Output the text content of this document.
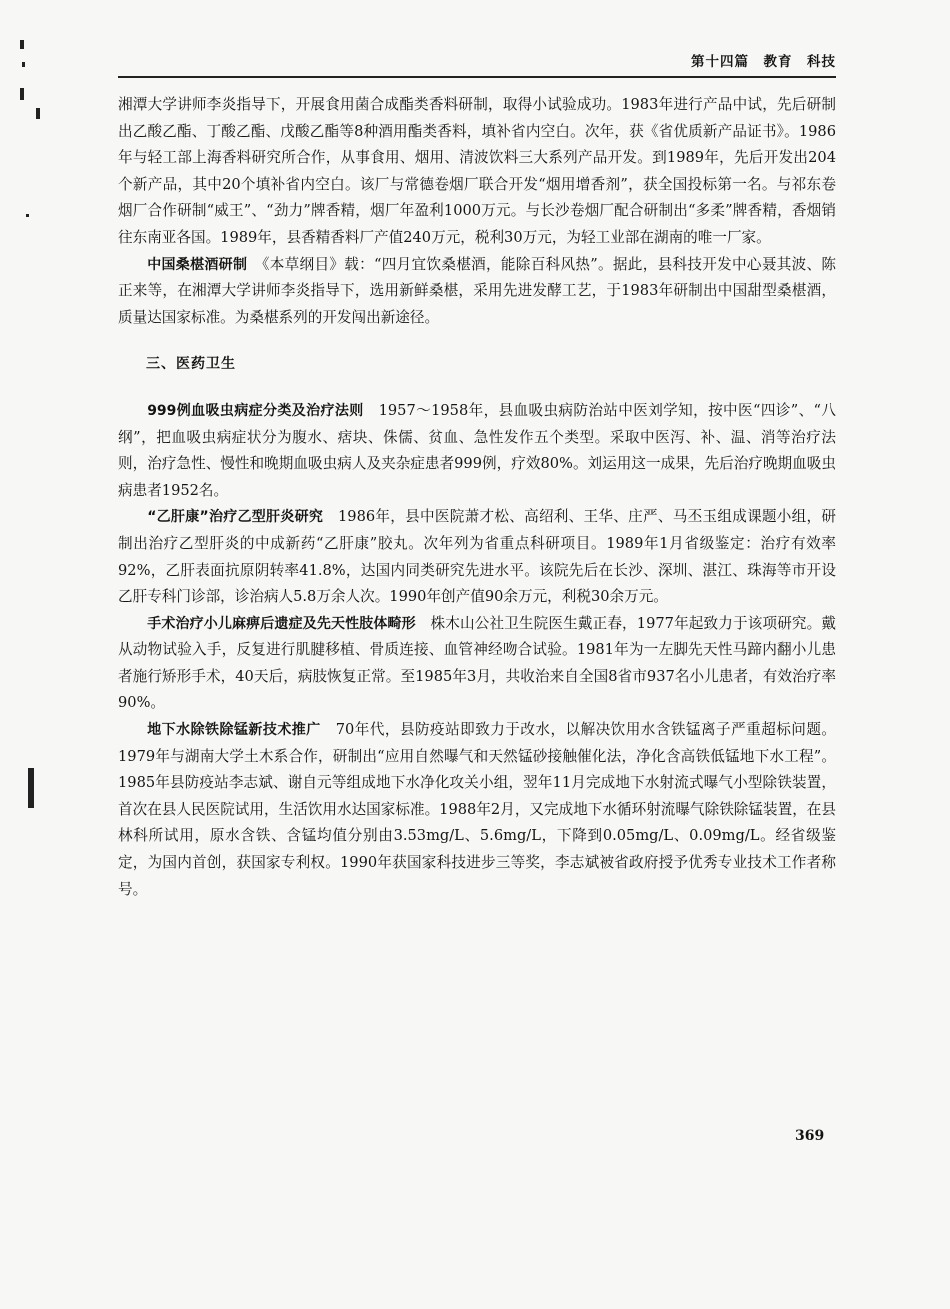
第十四篇　教育　科技

湘潭大学讲师李炎指导下，开展食用菌合成酯类香料研制，取得小试验成功。1983年进行产品中试，先后研制出乙酸乙酯、丁酸乙酯、戊酸乙酯等8种酒用酯类香料，填补省内空白。次年，获《省优质新产品证书》。1986年与轻工部上海香料研究所合作，从事食用、烟用、清波饮料三大系列产品开发。到1989年，先后开发出204个新产品，其中20个填补省内空白。该厂与常德卷烟厂联合开发“烟用增香剂”，获全国投标第一名。与祁东卷烟厂合作研制“威王”、“劲力”牌香精，烟厂年盈利1000万元。与长沙卷烟厂配合研制出“多柔”牌香精，香烟销往东南亚各国。1989年，县香精香料厂产值240万元，税利30万元，为轻工业部在湖南的唯一厂家。

中国桑椹酒研制　《本草纲目》载：“四月宜饮桑椹酒，能除百科风热”。据此，县科技开发中心聂其波、陈正来等，在湘潭大学讲师李炎指导下，选用新鲜桑椹，采用先进发酵工艺，于1983年研制出中国甜型桑椹酒，质量达国家标准。为桑椹系列的开发闯出新途径。

三、医药卫生

999例血吸虫病症分类及治疗法则　1957～1958年，县血吸虫病防治站中医刘学知，按中医“四诊”、“八纲”，把血吸虫病症状分为腹水、痞块、侏儒、贫血、急性发作五个类型。采取中医泻、补、温、消等治疗法则，治疗急性、慢性和晚期血吸虫病人及夹杂症患者999例，疗效80%。刘运用这一成果，先后治疗晚期血吸虫病患者1952名。

“乙肝康”治疗乙型肝炎研究　1986年，县中医院萧才松、高绍利、王华、庄严、马丕玉组成课题小组，研制出治疗乙型肝炎的中成新药“乙肝康”胶丸。次年列为省重点科研项目。1989年1月省级鉴定：治疗有效率92%，乙肝表面抗原阴转率41.8%，达国内同类研究先进水平。该院先后在长沙、深圳、湛江、珠海等市开设乙肝专科门诊部，诊治病人5.8万余人次。1990年创产值90余万元，利税30余万元。

手术治疗小儿麻痹后遗症及先天性肢体畸形　株木山公社卫生院医生戴正春，1977年起致力于该项研究。戴从动物试验入手，反复进行肌腱移植、骨质连接、血管神经吻合试验。1981年为一左脚先天性马蹄内翻小儿患者施行矫形手术，40天后，病肢恢复正常。至1985年3月，共收治来自全国8省市937名小儿患者，有效治疗率90%。

地下水除铁除锰新技术推广　70年代，县防疫站即致力于改水，以解决饮用水含铁锰离子严重超标问题。1979年与湖南大学土木系合作，研制出“应用自然曝气和天然锰砂接触催化法，净化含高铁低锰地下水工程”。1985年县防疫站李志斌、谢自元等组成地下水净化攻关小组，翌年11月完成地下水射流式曝气小型除铁装置，首次在县人民医院试用，生活饮用水达国家标准。1988年2月，又完成地下水循环射流曝气除铁除锰装置，在县林科所试用，原水含铁、含锰均值分别由3.53mg/L、5.6mg/L，下降到0.05mg/L、0.09mg/L。经省级鉴定，为国内首创，获国家专利权。1990年获国家科技进步三等奖，李志斌被省政府授予优秀专业技术工作者称号。

369
